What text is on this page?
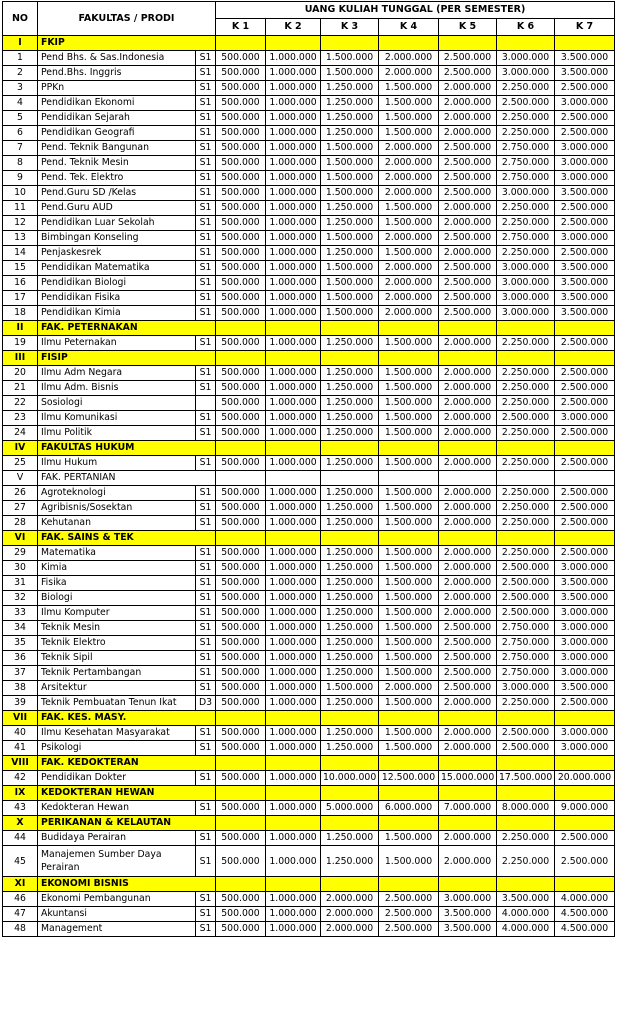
NO	FAKULTAS / PRODI		UANG KULIAH TUNGGAL (PER SEMESTER)						
			K 1	K 2	K 3	K 4	K 5	K 6	K 7
I	FKIP								
1	Pend Bhs. & Sas.Indonesia	S1	500.000	1.000.000	1.500.000	2.000.000	2.500.000	3.000.000	3.500.000
2	Pend.Bhs. Inggris	S1	500.000	1.000.000	1.500.000	2.000.000	2.500.000	3.000.000	3.500.000
3	PPKn	S1	500.000	1.000.000	1.250.000	1.500.000	2.000.000	2.250.000	2.500.000
4	Pendidikan Ekonomi	S1	500.000	1.000.000	1.250.000	1.500.000	2.000.000	2.500.000	3.000.000
5	Pendidikan Sejarah	S1	500.000	1.000.000	1.250.000	1.500.000	2.000.000	2.250.000	2.500.000
6	Pendidikan Geografi	S1	500.000	1.000.000	1.250.000	1.500.000	2.000.000	2.250.000	2.500.000
7	Pend. Teknik Bangunan	S1	500.000	1.000.000	1.500.000	2.000.000	2.500.000	2.750.000	3.000.000
8	Pend. Teknik Mesin	S1	500.000	1.000.000	1.500.000	2.000.000	2.500.000	2.750.000	3.000.000
9	Pend. Tek. Elektro	S1	500.000	1.000.000	1.500.000	2.000.000	2.500.000	2.750.000	3.000.000
10	Pend.Guru SD /Kelas	S1	500.000	1.000.000	1.500.000	2.000.000	2.500.000	3.000.000	3.500.000
11	Pend.Guru AUD	S1	500.000	1.000.000	1.250.000	1.500.000	2.000.000	2.250.000	2.500.000
12	Pendidikan Luar Sekolah	S1	500.000	1.000.000	1.250.000	1.500.000	2.000.000	2.250.000	2.500.000
13	Bimbingan Konseling	S1	500.000	1.000.000	1.500.000	2.000.000	2.500.000	2.750.000	3.000.000
14	Penjaskesrek	S1	500.000	1.000.000	1.250.000	1.500.000	2.000.000	2.250.000	2.500.000
15	Pendidikan Matematika	S1	500.000	1.000.000	1.500.000	2.000.000	2.500.000	3.000.000	3.500.000
16	Pendidikan Biologi	S1	500.000	1.000.000	1.500.000	2.000.000	2.500.000	3.000.000	3.500.000
17	Pendidikan Fisika	S1	500.000	1.000.000	1.500.000	2.000.000	2.500.000	3.000.000	3.500.000
18	Pendidikan Kimia	S1	500.000	1.000.000	1.500.000	2.000.000	2.500.000	3.000.000	3.500.000
II	FAK. PETERNAKAN								
19	Ilmu Peternakan	S1	500.000	1.000.000	1.250.000	1.500.000	2.000.000	2.250.000	2.500.000
III	FISIP								
20	Ilmu Adm Negara	S1	500.000	1.000.000	1.250.000	1.500.000	2.000.000	2.250.000	2.500.000
21	Ilmu Adm. Bisnis	S1	500.000	1.000.000	1.250.000	1.500.000	2.000.000	2.250.000	2.500.000
22	Sosiologi		500.000	1.000.000	1.250.000	1.500.000	2.000.000	2.250.000	2.500.000
23	Ilmu Komunikasi	S1	500.000	1.000.000	1.250.000	1.500.000	2.000.000	2.500.000	3.000.000
24	Ilmu Politik	S1	500.000	1.000.000	1.250.000	1.500.000	2.000.000	2.250.000	2.500.000
IV	FAKULTAS HUKUM								
25	Ilmu Hukum	S1	500.000	1.000.000	1.250.000	1.500.000	2.000.000	2.250.000	2.500.000
V	FAK. PERTANIAN								
26	Agroteknologi	S1	500.000	1.000.000	1.250.000	1.500.000	2.000.000	2.250.000	2.500.000
27	Agribisnis/Sosektan	S1	500.000	1.000.000	1.250.000	1.500.000	2.000.000	2.250.000	2.500.000
28	Kehutanan	S1	500.000	1.000.000	1.250.000	1.500.000	2.000.000	2.250.000	2.500.000
VI	FAK. SAINS & TEK								
29	Matematika	S1	500.000	1.000.000	1.250.000	1.500.000	2.000.000	2.250.000	2.500.000
30	Kimia	S1	500.000	1.000.000	1.250.000	1.500.000	2.000.000	2.500.000	3.000.000
31	Fisika	S1	500.000	1.000.000	1.250.000	1.500.000	2.000.000	2.500.000	3.500.000
32	Biologi	S1	500.000	1.000.000	1.250.000	1.500.000	2.000.000	2.500.000	3.500.000
33	Ilmu Komputer	S1	500.000	1.000.000	1.250.000	1.500.000	2.000.000	2.500.000	3.000.000
34	Teknik Mesin	S1	500.000	1.000.000	1.250.000	1.500.000	2.500.000	2.750.000	3.000.000
35	Teknik Elektro	S1	500.000	1.000.000	1.250.000	1.500.000	2.500.000	2.750.000	3.000.000
36	Teknik Sipil	S1	500.000	1.000.000	1.250.000	1.500.000	2.500.000	2.750.000	3.000.000
37	Teknik Pertambangan	S1	500.000	1.000.000	1.250.000	1.500.000	2.500.000	2.750.000	3.000.000
38	Arsitektur	S1	500.000	1.000.000	1.500.000	2.000.000	2.500.000	3.000.000	3.500.000
39	Teknik Pembuatan Tenun Ikat	D3	500.000	1.000.000	1.250.000	1.500.000	2.000.000	2.250.000	2.500.000
VII	FAK. KES. MASY.								
40	Ilmu Kesehatan Masyarakat	S1	500.000	1.000.000	1.250.000	1.500.000	2.000.000	2.500.000	3.000.000
41	Psikologi	S1	500.000	1.000.000	1.250.000	1.500.000	2.000.000	2.500.000	3.000.000
VIII	FAK. KEDOKTERAN								
42	Pendidikan Dokter	S1	500.000	1.000.000	10.000.000	12.500.000	15.000.000	17.500.000	20.000.000
IX	KEDOKTERAN HEWAN								
43	Kedokteran Hewan	S1	500.000	1.000.000	5.000.000	6.000.000	7.000.000	8.000.000	9.000.000
X	PERIKANAN & KELAUTAN								
44	Budidaya Perairan	S1	500.000	1.000.000	1.250.000	1.500.000	2.000.000	2.250.000	2.500.000
45	Manajemen Sumber Daya Perairan	S1	500.000	1.000.000	1.250.000	1.500.000	2.000.000	2.250.000	2.500.000
XI	EKONOMI BISNIS								
46	Ekonomi Pembangunan	S1	500.000	1.000.000	2.000.000	2.500.000	3.000.000	3.500.000	4.000.000
47	Akuntansi	S1	500.000	1.000.000	2.000.000	2.500.000	3.500.000	4.000.000	4.500.000
48	Management	S1	500.000	1.000.000	2.000.000	2.500.000	3.500.000	4.000.000	4.500.000
